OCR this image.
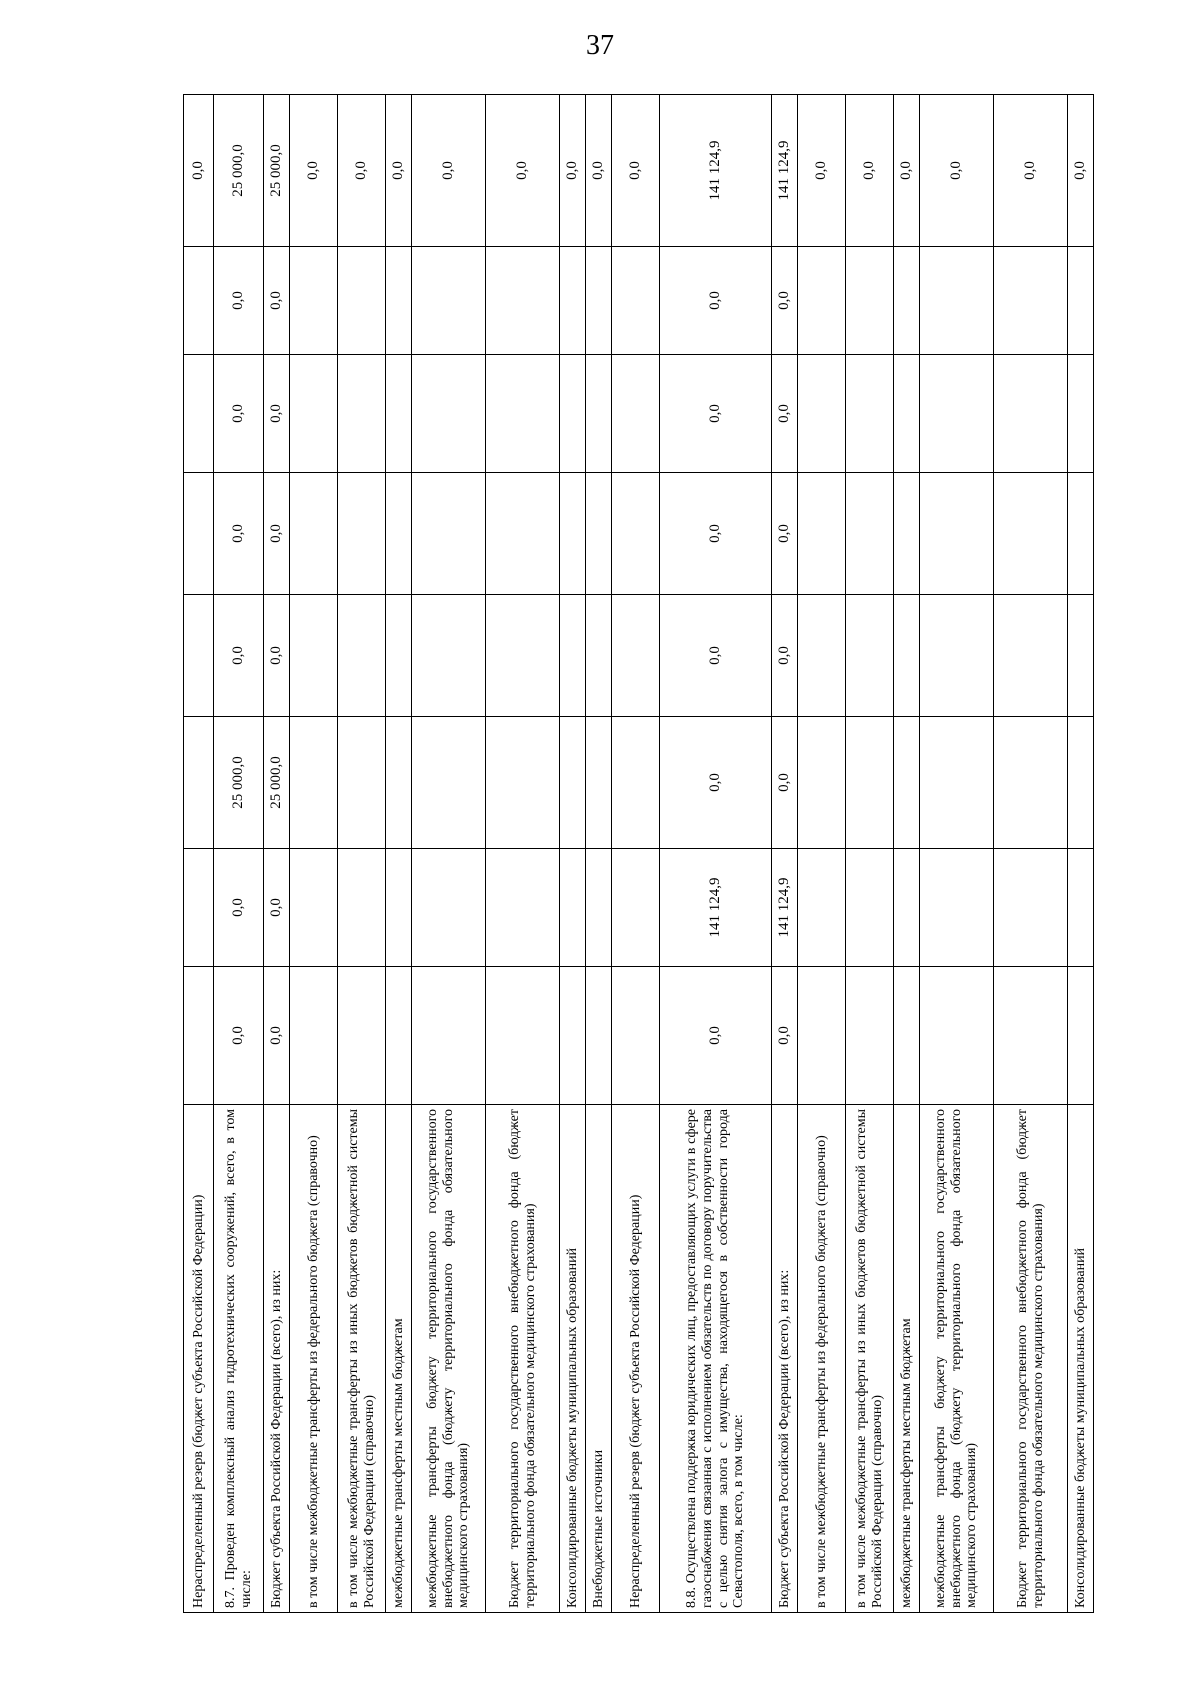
37
Нераспределенный резерв (бюджет субъекта Российской Федерации)								0,0
8.7. Проведен комплексный анализ гидротехнических сооружений, всего, в том числе:	0,0	0,0	25 000,0	0,0	0,0	0,0	0,0	25 000,0
Бюджет субъекта Российской Федерации (всего), из них:	0,0	0,0	25 000,0	0,0	0,0	0,0	0,0	25 000,0
в том числе межбюджетные трансферты из федерального бюджета (справочно)								0,0
в том числе межбюджетные трансферты из иных бюджетов бюджетной системы Российской Федерации (справочно)								0,0
межбюджетные трансферты местным бюджетам								0,0
межбюджетные трансферты бюджету территориального государственного внебюджетного фонда (бюджету территориального фонда обязательного медицинского страхования)								0,0
Бюджет территориального государственного внебюджетного фонда (бюджет территориального фонда обязательного медицинского страхования)								0,0
Консолидированные бюджеты муниципальных образований								0,0
Внебюджетные источники								0,0
Нераспределенный резерв (бюджет субъекта Российской Федерации)								0,0
8.8. Осуществлена поддержка юридических лиц, предоставляющих услуги в сфере газоснабжения связанная с исполнением обязательств по договору поручительства с целью снятия залога с имущества, находящегося в собственности города Севастополя, всего, в том числе:	0,0	141 124,9	0,0	0,0	0,0	0,0	0,0	141 124,9
Бюджет субъекта Российской Федерации (всего), из них:	0,0	141 124,9	0,0	0,0	0,0	0,0	0,0	141 124,9
в том числе межбюджетные трансферты из федерального бюджета (справочно)								0,0
в том числе межбюджетные трансферты из иных бюджетов бюджетной системы Российской Федерации (справочно)								0,0
межбюджетные трансферты местным бюджетам								0,0
межбюджетные трансферты бюджету территориального государственного внебюджетного фонда (бюджету территориального фонда обязательного медицинского страхования)								0,0
Бюджет территориального государственного внебюджетного фонда (бюджет территориального фонда обязательного медицинского страхования)								0,0
Консолидированные бюджеты муниципальных образований								0,0
